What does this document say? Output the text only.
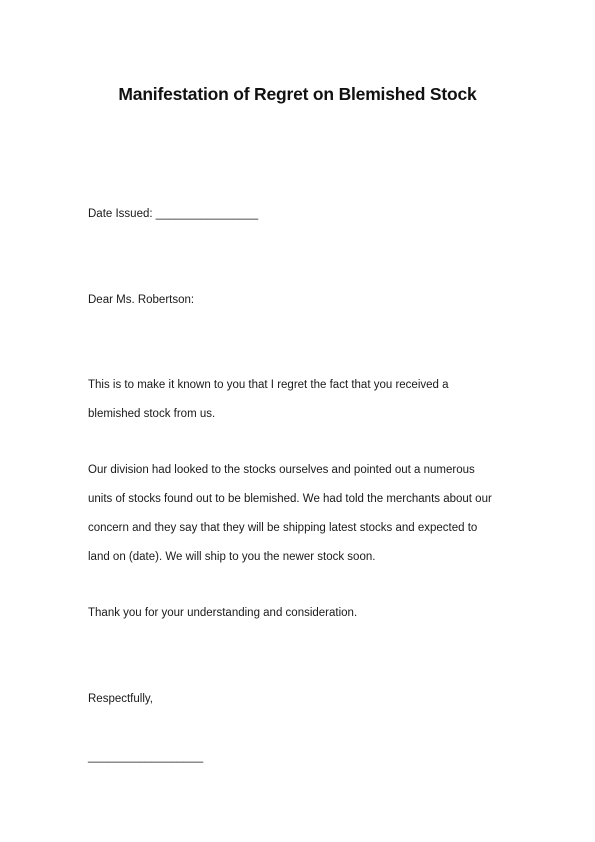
Manifestation of Regret on Blemished Stock
Date Issued: ________________
Dear Ms. Robertson:
This is to make it known to you that I regret the fact that you received a
blemished stock from us.
Our division had looked to the stocks ourselves and pointed out a numerous
units of stocks found out to be blemished. We had told the merchants about our
concern and they say that they will be shipping latest stocks and expected to
land on (date). We will ship to you the newer stock soon.
Thank you for your understanding and consideration.
Respectfully,
__________________
